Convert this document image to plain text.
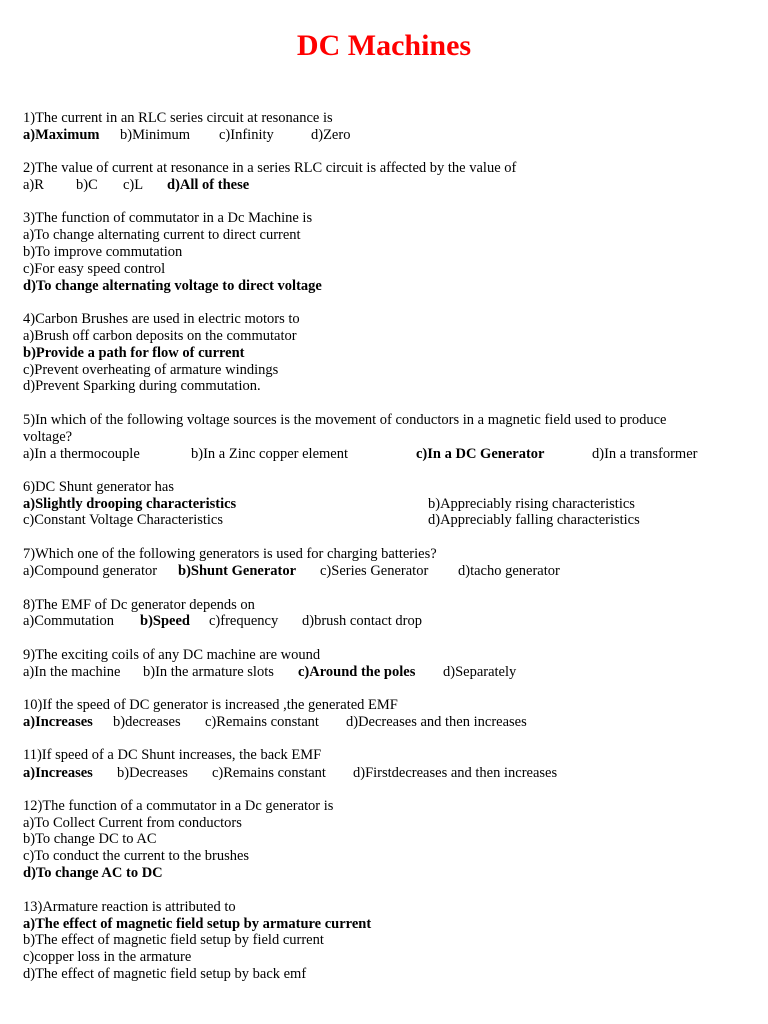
DC Machines
1)The current in an RLC series circuit at resonance is
a)Maximum b)Minimum c)Infinity	d)Zero
2)The value of current at resonance in a series RLC circuit is affected by the value of
a)R b)C c)L d)All of these
3)The function of commutator in a Dc Machine is
a)To change alternating current to direct current
b)To improve commutation
c)For easy speed control
d)To change alternating voltage to direct voltage
4)Carbon Brushes are used in electric motors to
a)Brush off carbon deposits on the commutator
b)Provide a path for flow of current
c)Prevent overheating of armature windings
d)Prevent Sparking during commutation.
5)In which of the following voltage sources is the movement of conductors in a magnetic field used to produce
voltage?
a)In a thermocouple	b)In a Zinc copper element	c)In a DC Generator	d)In a transformer
6)DC Shunt generator has
a)Slightly drooping characteristics	b)Appreciably rising characteristics
c)Constant Voltage Characteristics	d)Appreciably falling characteristics
7)Which one of the following generators is used for charging batteries?
a)Compound generator b)Shunt Generator c)Series Generator d)tacho generator
8)The EMF of Dc generator depends on
a)Commutation b)Speed c)frequency d)brush contact drop
9)The exciting coils of any DC machine are wound
a)In the machine b)In the armature slots c)Around the poles d)Separately
10)If the speed of DC generator is increased ,the generated EMF
a)Increases b)decreases c)Remains constant d)Decreases and then increases
11)If speed of a DC Shunt increases, the back EMF
a)Increases b)Decreases c)Remains constant d)Firstdecreases and then increases
12)The function of a commutator in a Dc generator is
a)To Collect Current from conductors
b)To change DC to AC
c)To conduct the current to the brushes
d)To change AC to DC
13)Armature reaction is attributed to
a)The effect of magnetic field setup by armature current
b)The effect of magnetic field setup by field current
c)copper loss in the armature
d)The effect of magnetic field setup by back emf
